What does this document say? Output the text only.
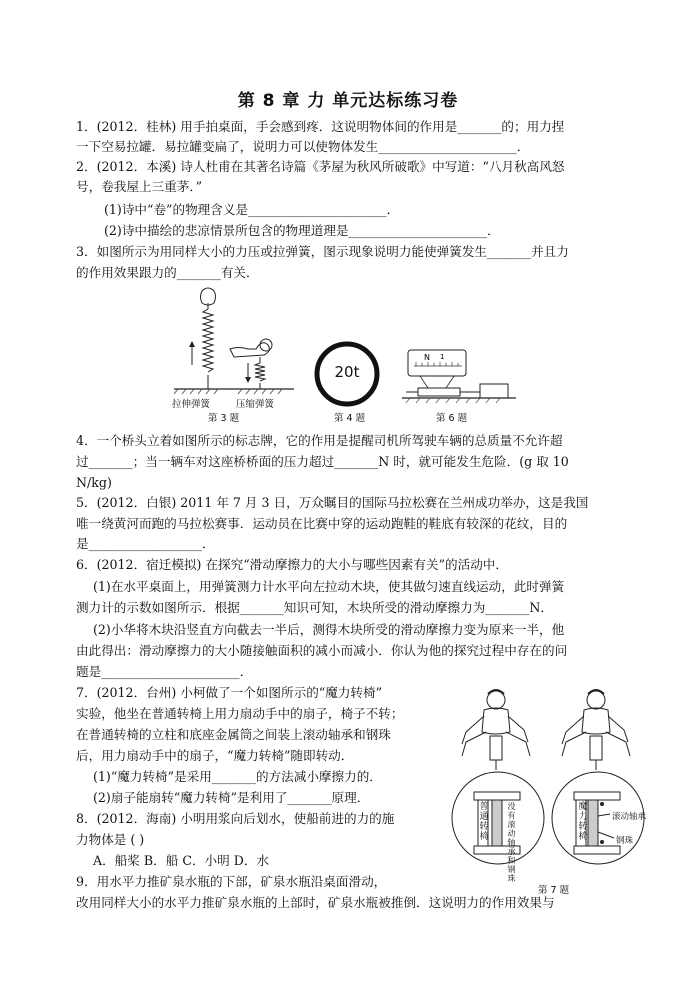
第 8 章 力 单元达标练习卷
1．(2012．桂林) 用手拍桌面，手会感到疼．这说明物体间的作用是_______的；用力捏
一下空易拉罐．易拉罐变扁了，说明力可以使物体发生______________________．
2．(2012．本溪) 诗人杜甫在其著名诗篇《茅屋为秋风所破歌》中写道：“八月秋高风怒
号，卷我屋上三重茅．”
(1)诗中“卷”的物理含义是______________________．
(2)诗中描绘的悲凉情景所包含的物理道理是______________________．
3．如图所示为用同样大小的力压或拉弹簧，图示现象说明力能使弹簧发生_______并且力
的作用效果跟力的_______有关．
4．一个桥头立着如图所示的标志牌，它的作用是提醒司机所驾驶车辆的总质量不允许超
过_______；当一辆车对这座桥桥面的压力超过_______N 时，就可能发生危险．(g 取 10
N/kg)
5．(2012．白银) 2011 年 7 月 3 日，万众瞩目的国际马拉松赛在兰州成功举办，这是我国
唯一绕黄河而跑的马拉松赛事．运动员在比赛中穿的运动跑鞋的鞋底有较深的花纹，目的
是__________________．
6．(2012．宿迁模拟) 在探究“滑动摩擦力的大小与哪些因素有关”的活动中．
(1)在水平桌面上，用弹簧测力计水平向左拉动木块，使其做匀速直线运动，此时弹簧
测力计的示数如图所示．根据_______知识可知，木块所受的滑动摩擦力为_______N．
(2)小华将木块沿竖直方向截去一半后，测得木块所受的滑动摩擦力变为原来一半，他
由此得出：滑动摩擦力的大小随接触面积的减小而减小．你认为他的探究过程中存在的问
题是______________________．
7．(2012．台州) 小柯做了一个如图所示的“魔力转椅”
实验，他坐在普通转椅上用力扇动手中的扇子，椅子不转；
在普通转椅的立柱和底座金属筒之间装上滚动轴承和钢珠
后，用力扇动手中的扇子，“魔力转椅”随即转动．
(1)“魔力转椅”是采用_______的方法减小摩擦力的．
(2)扇子能扇转“魔力转椅”是利用了_______原理．
8．(2012．海南) 小明用浆向后划水，使船前进的力的施
力物体是 ( )
A．船桨 B．船 C．小明 D．水
9．用水平力推矿泉水瓶的下部，矿泉水瓶沿桌面滑动，
改用同样大小的水平力推矿泉水瓶的上部时，矿泉水瓶被推倒．这说明力的作用效果与
拉伸弹簧	压缩弹簧
第 3 题
20t
第 4 题
N 1
第 6 题
普通转椅
没有滚动轴承和钢珠
魔力转椅
滚动轴承
钢珠
第 7 题
